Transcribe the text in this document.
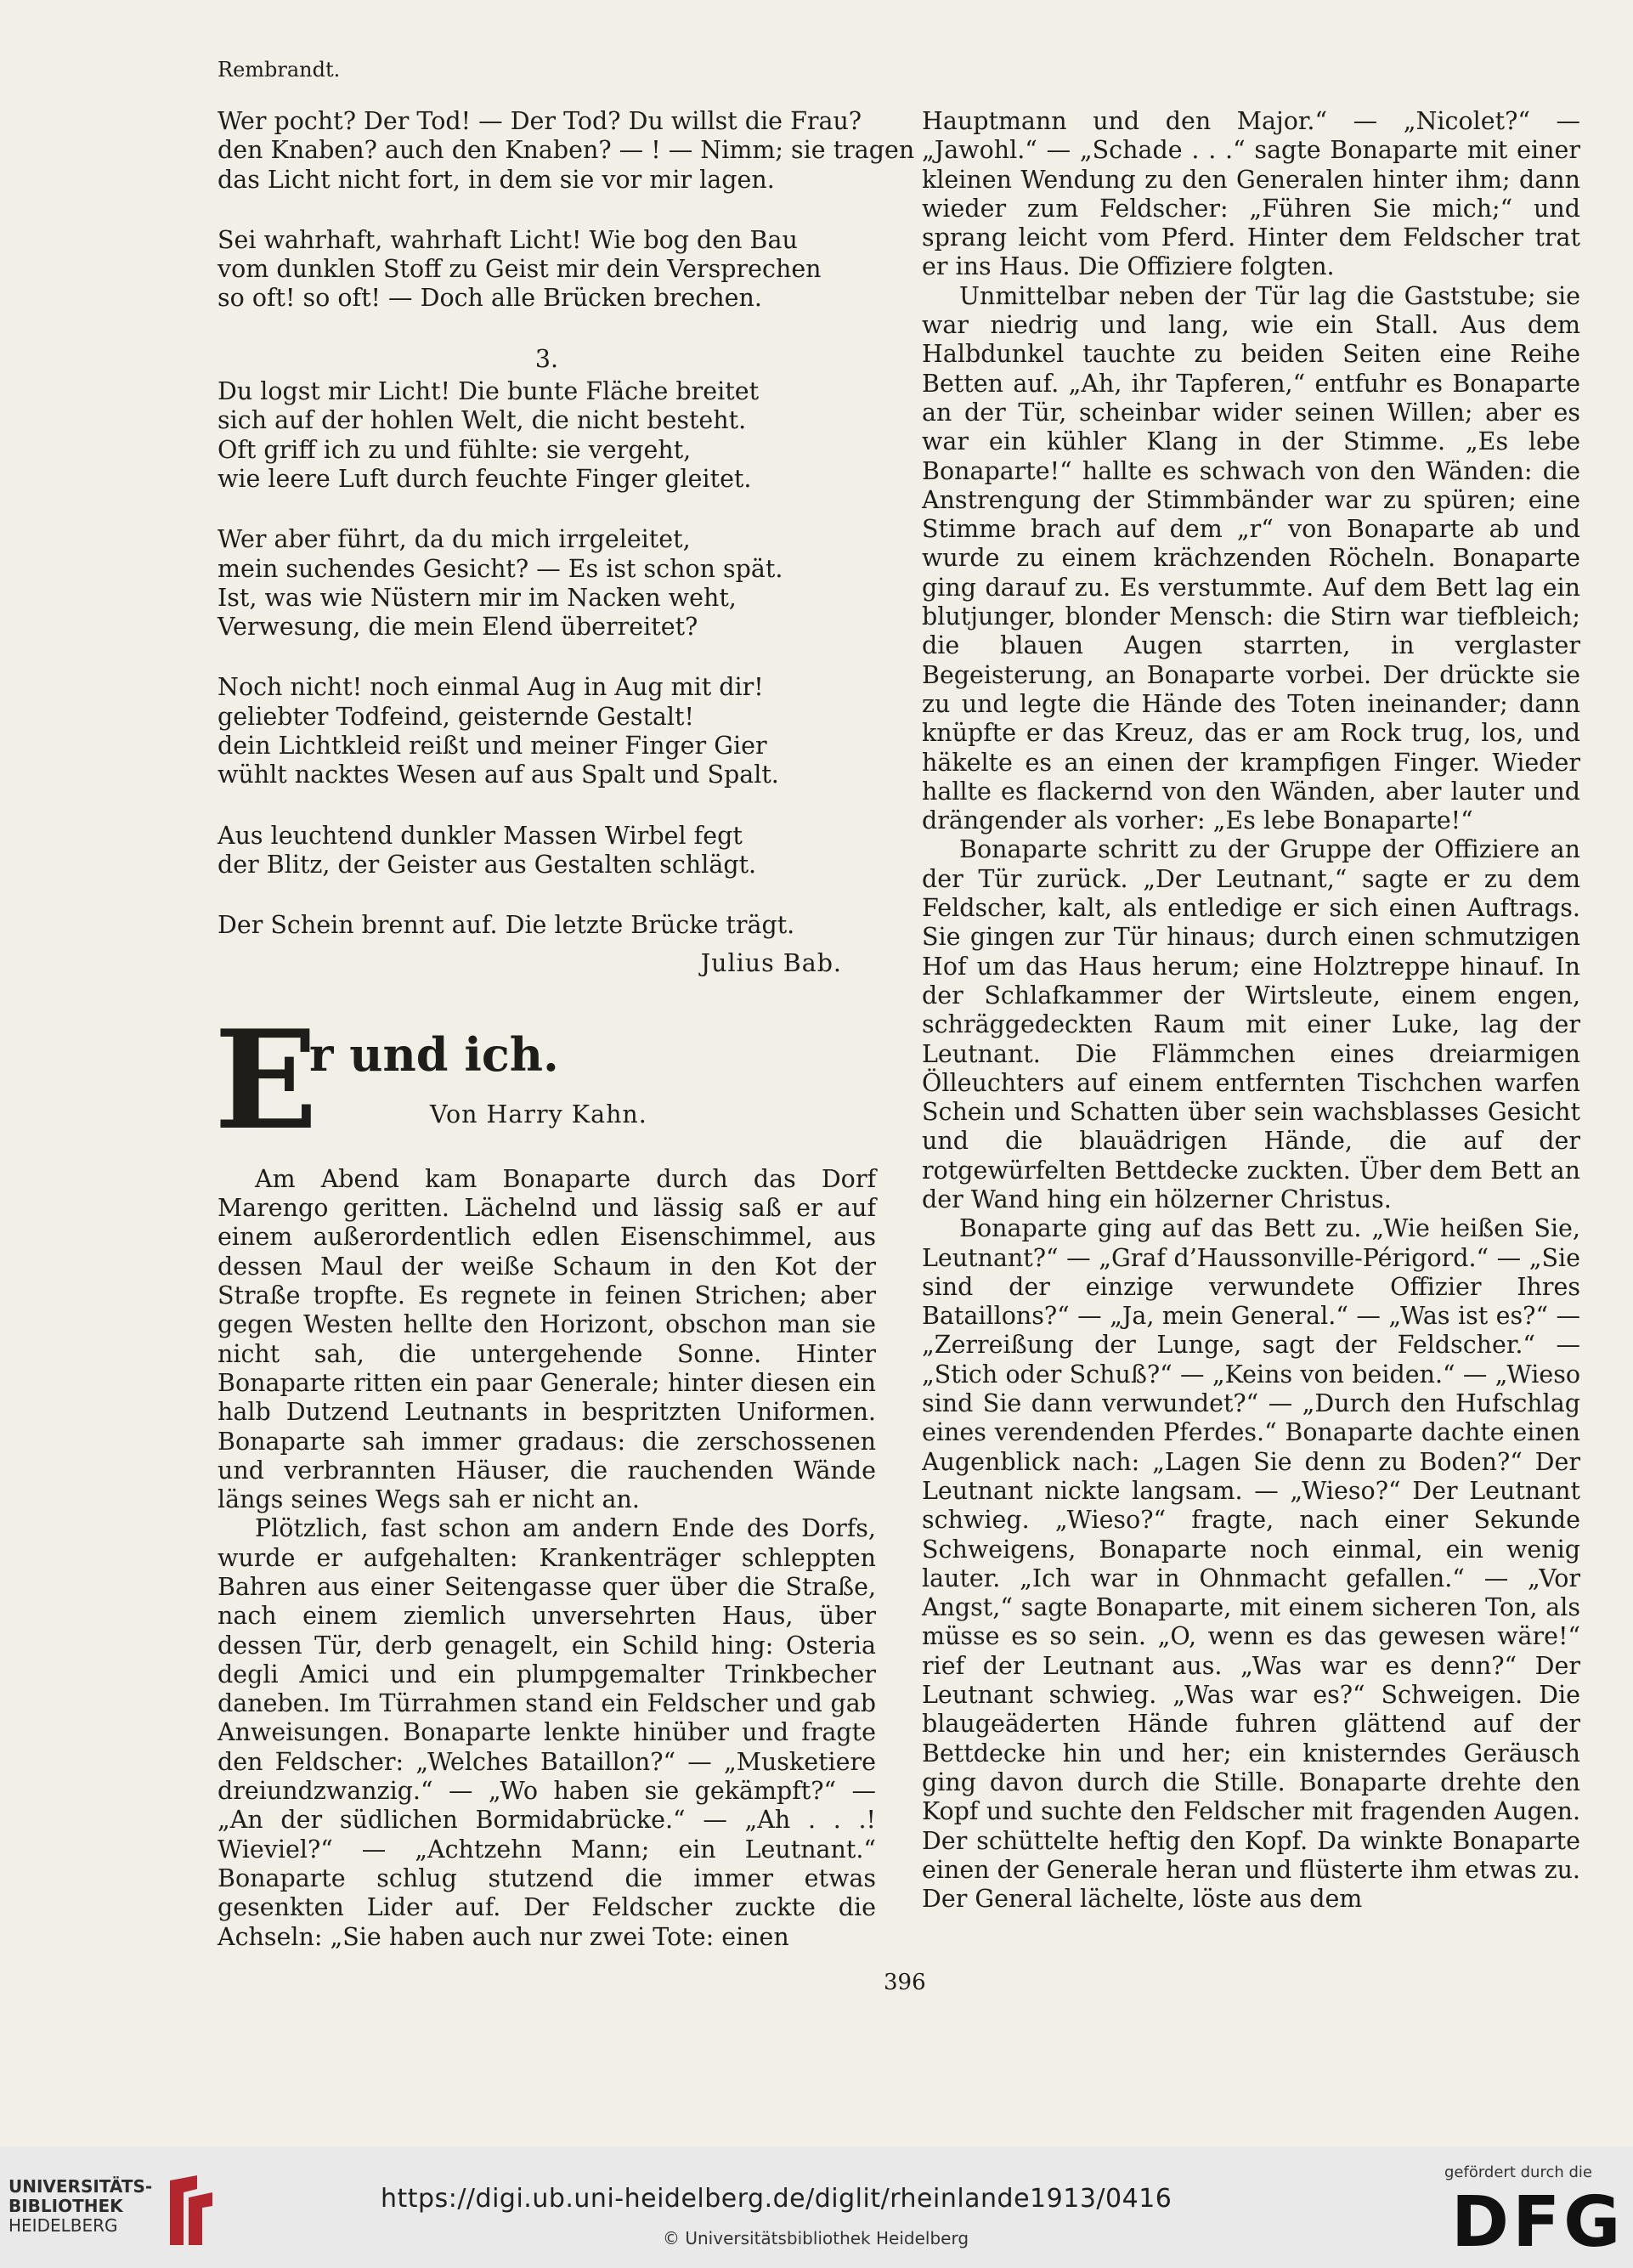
Rembrandt.
Wer pocht? Der Tod! — Der Tod? Du willst die Frau?
den Knaben? auch den Knaben? — ! — Nimm; sie tragen
das Licht nicht fort, in dem sie vor mir lagen.
Sei wahrhaft, wahrhaft Licht! Wie bog den Bau
vom dunklen Stoff zu Geist mir dein Versprechen
so oft! so oft! — Doch alle Brücken brechen.
3.
Du logst mir Licht! Die bunte Fläche breitet
sich auf der hohlen Welt, die nicht besteht.
Oft griff ich zu und fühlte: sie vergeht,
wie leere Luft durch feuchte Finger gleitet.
Wer aber führt, da du mich irrgeleitet,
mein suchendes Gesicht? — Es ist schon spät.
Ist, was wie Nüstern mir im Nacken weht,
Verwesung, die mein Elend überreitet?
Noch nicht! noch einmal Aug in Aug mit dir!
geliebter Todfeind, geisternde Gestalt!
dein Lichtkleid reißt und meiner Finger Gier
wühlt nacktes Wesen auf aus Spalt und Spalt.
Aus leuchtend dunkler Massen Wirbel fegt
der Blitz, der Geister aus Gestalten schlägt.
Der Schein brennt auf. Die letzte Brücke trägt.
Julius Bab.
E
r und ich.
Von Harry Kahn.

Am Abend kam Bonaparte durch das Dorf Marengo geritten. Lächelnd und lässig saß er auf einem außerordentlich edlen Eisenschimmel, aus dessen Maul der weiße Schaum in den Kot der Straße tropfte. Es regnete in feinen Strichen; aber gegen Westen hellte den Horizont, obschon man sie nicht sah, die untergehende Sonne. Hinter Bonaparte ritten ein paar Generale; hinter diesen ein halb Dutzend Leutnants in bespritzten Uniformen. Bonaparte sah immer gradaus: die zerschossenen und verbrannten Häuser, die rauchenden Wände längs seines Wegs sah er nicht an.

Plötzlich, fast schon am andern Ende des Dorfs, wurde er aufgehalten: Krankenträger schleppten Bahren aus einer Seitengasse quer über die Straße, nach einem ziemlich unversehrten Haus, über dessen Tür, derb genagelt, ein Schild hing: Osteria degli Amici und ein plumpgemalter Trinkbecher daneben. Im Türrahmen stand ein Feldscher und gab Anweisungen. Bonaparte lenkte hinüber und fragte den Feldscher: „Welches Bataillon?“ — „Musketiere dreiundzwanzig.“ — „Wo haben sie gekämpft?“ — „An der südlichen Bormidabrücke.“ — „Ah . . .! Wieviel?“ — „Achtzehn Mann; ein Leutnant.“ Bonaparte schlug stutzend die immer etwas gesenkten Lider auf. Der Feldscher zuckte die Achseln: „Sie haben auch nur zwei Tote: einen

Hauptmann und den Major.“ — „Nicolet?“ — „Jawohl.“ — „Schade . . .“ sagte Bonaparte mit einer kleinen Wendung zu den Generalen hinter ihm; dann wieder zum Feldscher: „Führen Sie mich;“ und sprang leicht vom Pferd. Hinter dem Feldscher trat er ins Haus. Die Offiziere folgten.

Unmittelbar neben der Tür lag die Gaststube; sie war niedrig und lang, wie ein Stall. Aus dem Halbdunkel tauchte zu beiden Seiten eine Reihe Betten auf. „Ah, ihr Tapferen,“ entfuhr es Bonaparte an der Tür, scheinbar wider seinen Willen; aber es war ein kühler Klang in der Stimme. „Es lebe Bonaparte!“ hallte es schwach von den Wänden: die Anstrengung der Stimmbänder war zu spüren; eine Stimme brach auf dem „r“ von Bonaparte ab und wurde zu einem krächzenden Röcheln. Bonaparte ging darauf zu. Es verstummte. Auf dem Bett lag ein blutjunger, blonder Mensch: die Stirn war tiefbleich; die blauen Augen starrten, in verglaster Begeisterung, an Bonaparte vorbei. Der drückte sie zu und legte die Hände des Toten ineinander; dann knüpfte er das Kreuz, das er am Rock trug, los, und häkelte es an einen der krampfigen Finger. Wieder hallte es flackernd von den Wänden, aber lauter und drängender als vorher: „Es lebe Bonaparte!“

Bonaparte schritt zu der Gruppe der Offiziere an der Tür zurück. „Der Leutnant,“ sagte er zu dem Feldscher, kalt, als entledige er sich einen Auftrags. Sie gingen zur Tür hinaus; durch einen schmutzigen Hof um das Haus herum; eine Holztreppe hinauf. In der Schlafkammer der Wirtsleute, einem engen, schräggedeckten Raum mit einer Luke, lag der Leutnant. Die Flämmchen eines dreiarmigen Ölleuchters auf einem entfernten Tischchen warfen Schein und Schatten über sein wachsblasses Gesicht und die blauädrigen Hände, die auf der rotgewürfelten Bettdecke zuckten. Über dem Bett an der Wand hing ein hölzerner Christus.

Bonaparte ging auf das Bett zu. „Wie heißen Sie, Leutnant?“ — „Graf d’Haussonville-Périgord.“ — „Sie sind der einzige verwundete Offizier Ihres Bataillons?“ — „Ja, mein General.“ — „Was ist es?“ — „Zerreißung der Lunge, sagt der Feldscher.“ — „Stich oder Schuß?“ — „Keins von beiden.“ — „Wieso sind Sie dann verwundet?“ — „Durch den Hufschlag eines verendenden Pferdes.“ Bonaparte dachte einen Augenblick nach: „Lagen Sie denn zu Boden?“ Der Leutnant nickte langsam. — „Wieso?“ Der Leutnant schwieg. „Wieso?“ fragte, nach einer Sekunde Schweigens, Bonaparte noch einmal, ein wenig lauter. „Ich war in Ohnmacht gefallen.“ — „Vor Angst,“ sagte Bonaparte, mit einem sicheren Ton, als müsse es so sein. „O, wenn es das gewesen wäre!“ rief der Leutnant aus. „Was war es denn?“ Der Leutnant schwieg. „Was war es?“ Schweigen. Die blaugeäderten Hände fuhren glättend auf der Bettdecke hin und her; ein knisterndes Geräusch ging davon durch die Stille. Bonaparte drehte den Kopf und suchte den Feldscher mit fragenden Augen. Der schüttelte heftig den Kopf. Da winkte Bonaparte einen der Generale heran und flüsterte ihm etwas zu. Der General lächelte, löste aus dem

396
UNIVERSITÄTS-
BIBLIOTHEK
HEIDELBERG
https://digi.ub.uni-heidelberg.de/diglit/rheinlande1913/0416
© Universitätsbibliothek Heidelberg
gefördert durch die
DFG
